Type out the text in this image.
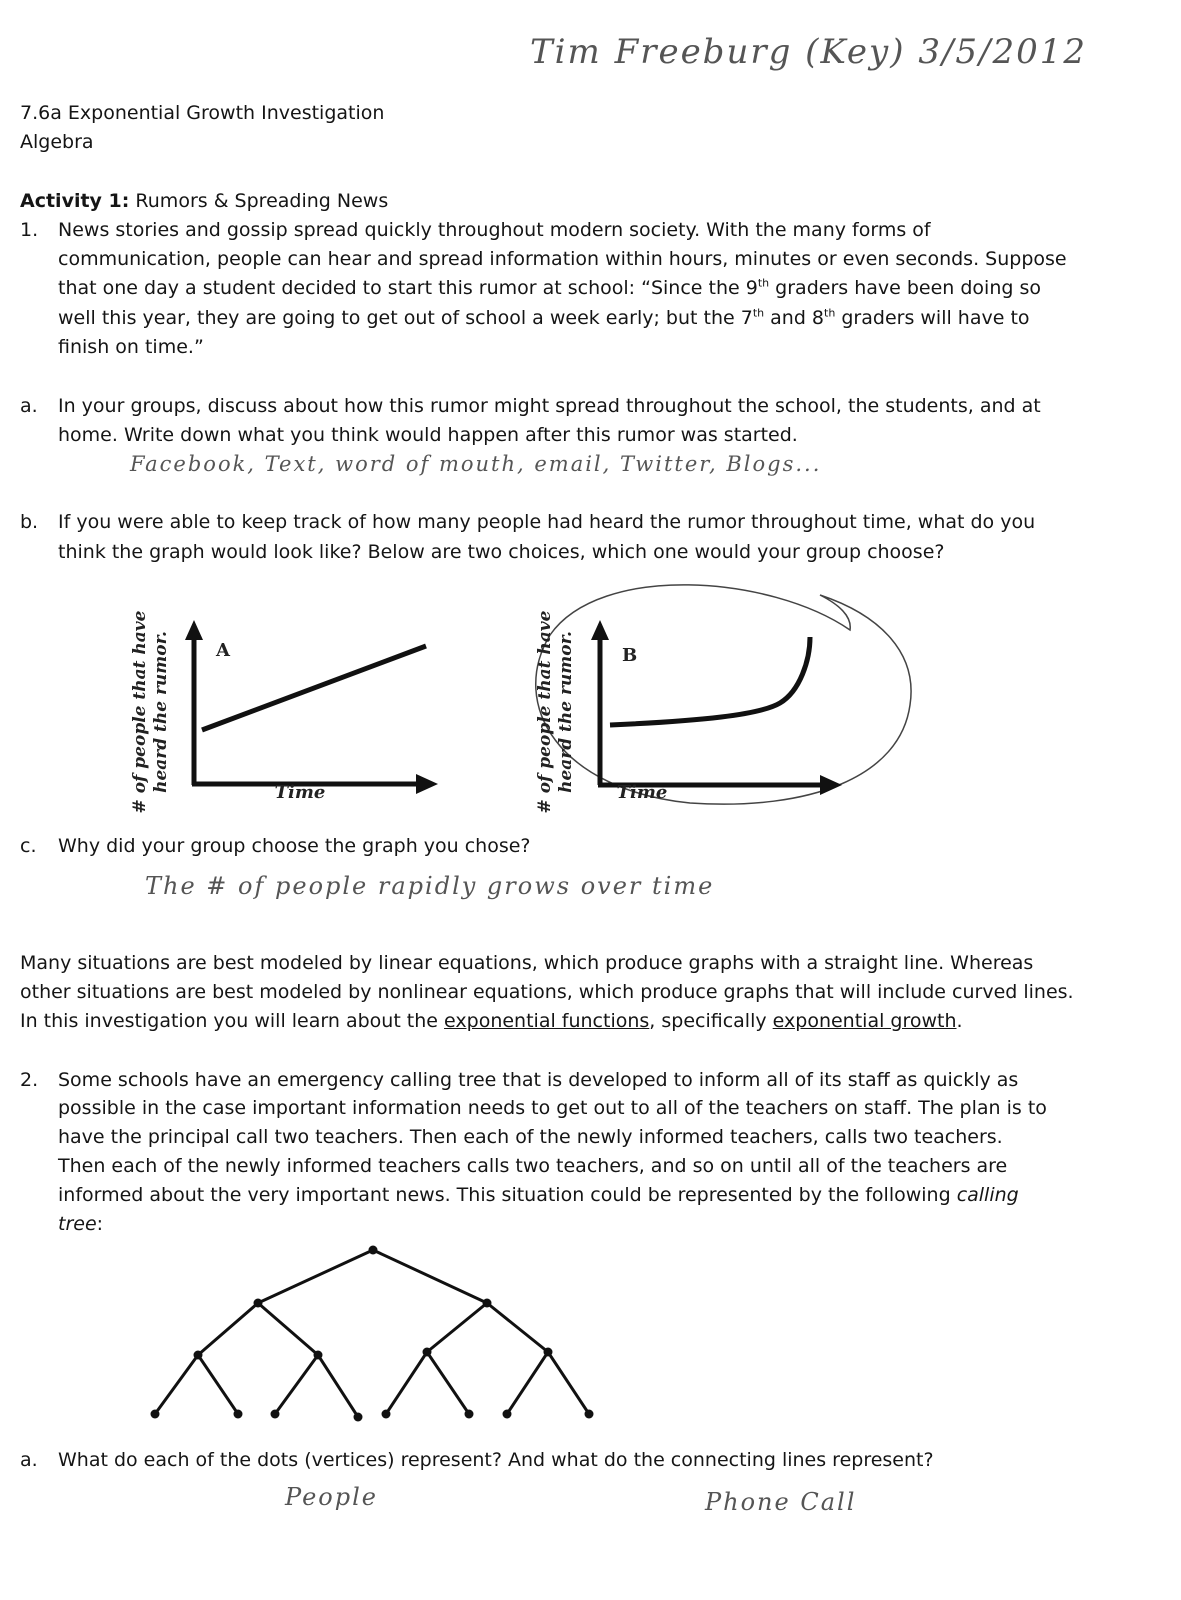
Tim Freeburg (Key) 3/5/2012
7.6a Exponential Growth Investigation
Algebra
Activity 1: Rumors & Spreading News
1. News stories and gossip spread quickly throughout modern society. With the many forms of
communication, people can hear and spread information within hours, minutes or even seconds. Suppose
that one day a student decided to start this rumor at school: “Since the 9th graders have been doing so
well this year, they are going to get out of school a week early; but the 7th and 8th graders will have to
finish on time.”
a. In your groups, discuss about how this rumor might spread throughout the school, the students, and at
home. Write down what you think would happen after this rumor was started.
Facebook, Text, word of mouth, email, Twitter, Blogs...
b. If you were able to keep track of how many people had heard the rumor throughout time, what do you
think the graph would look like? Below are two choices, which one would your group choose?
# of people that have heard the rumor.	A
Time	# of people that have heard the rumor.	B
Time
c. Why did your group choose the graph you chose?
The # of people rapidly grows over time
Many situations are best modeled by linear equations, which produce graphs with a straight line. Whereas
other situations are best modeled by nonlinear equations, which produce graphs that will include curved lines.
In this investigation you will learn about the exponential functions, specifically exponential growth.
2. Some schools have an emergency calling tree that is developed to inform all of its staff as quickly as
possible in the case important information needs to get out to all of the teachers on staff. The plan is to
have the principal call two teachers. Then each of the newly informed teachers, calls two teachers.
Then each of the newly informed teachers calls two teachers, and so on until all of the teachers are
informed about the very important news. This situation could be represented by the following calling
tree:
a. What do each of the dots (vertices) represent? And what do the connecting lines represent?
People	Phone Call
